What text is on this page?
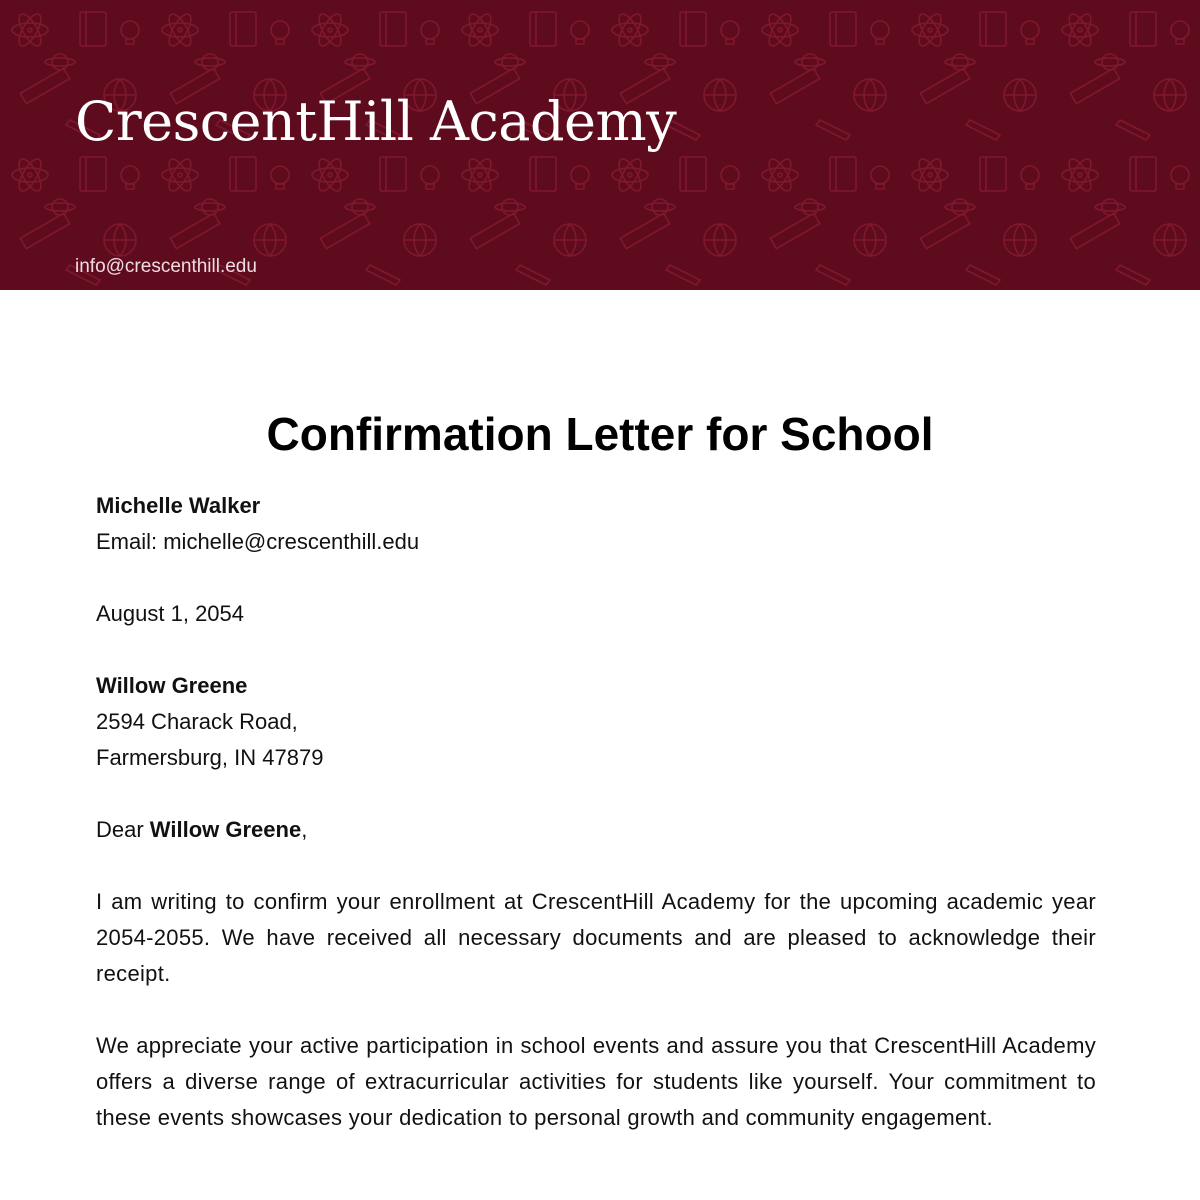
CrescentHill Academy
info@crescenthill.edu
Confirmation Letter for School

Michelle Walker
Email: michelle@crescenthill.edu

August 1, 2054

Willow Greene
2594 Charack Road,
Farmersburg, IN 47879

Dear Willow Greene,

I am writing to confirm your enrollment at CrescentHill Academy for the upcoming academic year 2054-2055. We have received all necessary documents and are pleased to acknowledge their receipt.

We appreciate your active participation in school events and assure you that CrescentHill Academy offers a diverse range of extracurricular activities for students like yourself. Your commitment to these events showcases your dedication to personal growth and community engagement.
